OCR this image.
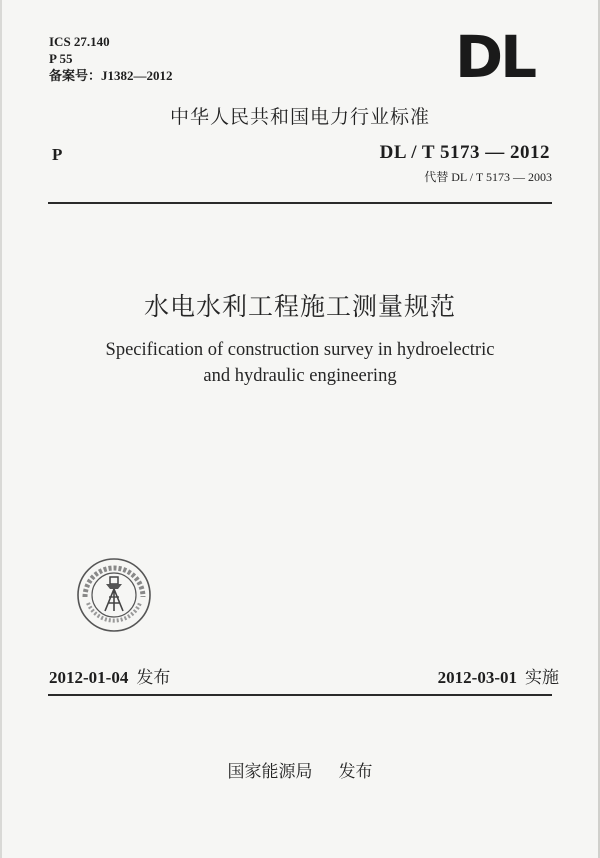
ICS 27.140
P 55
备案号：J1382—2012	DL
中华人民共和国电力行业标准
P	DL / T 5173 — 2012
代替 DL / T 5173 — 2003
水电水利工程施工测量规范
Specification of construction survey in hydroelectric
and hydraulic engineering
2012-01-04 发布	2012-03-01 实施
国家能源局 发布
